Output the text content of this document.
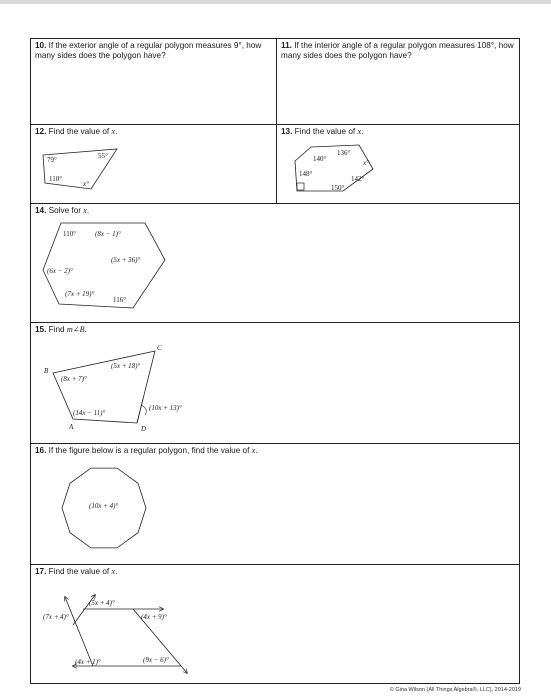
10. If the exterior angle of a regular polygon measures 9°, how many sides does the polygon have?
11. If the interior angle of a regular polygon measures 108°, how many sides does the polygon have?
12. Find the value of x.
79°	55°
110°
x°
13. Find the value of x.
136°
140°	x°
148°
142°
150°
14. Solve for x.
110°	(8x − 1)°
(5x + 36)°
(6x − 2)°
(7x + 19)°
116°
15. Find m∠B.
C
B
A	D
(5x + 18)°
(8x + 7)°
(14x − 11)°
(10x + 13)°
16. If the figure below is a regular polygon, find the value of x.
(10x + 4)°
17. Find the value of x.
(5x + 4)°
(7x + 4)°	(4x + 9)°
(4x + 1)°	(9x − 6)°
© Gina Wilson (All Things Algebra®, LLC), 2014-2019
